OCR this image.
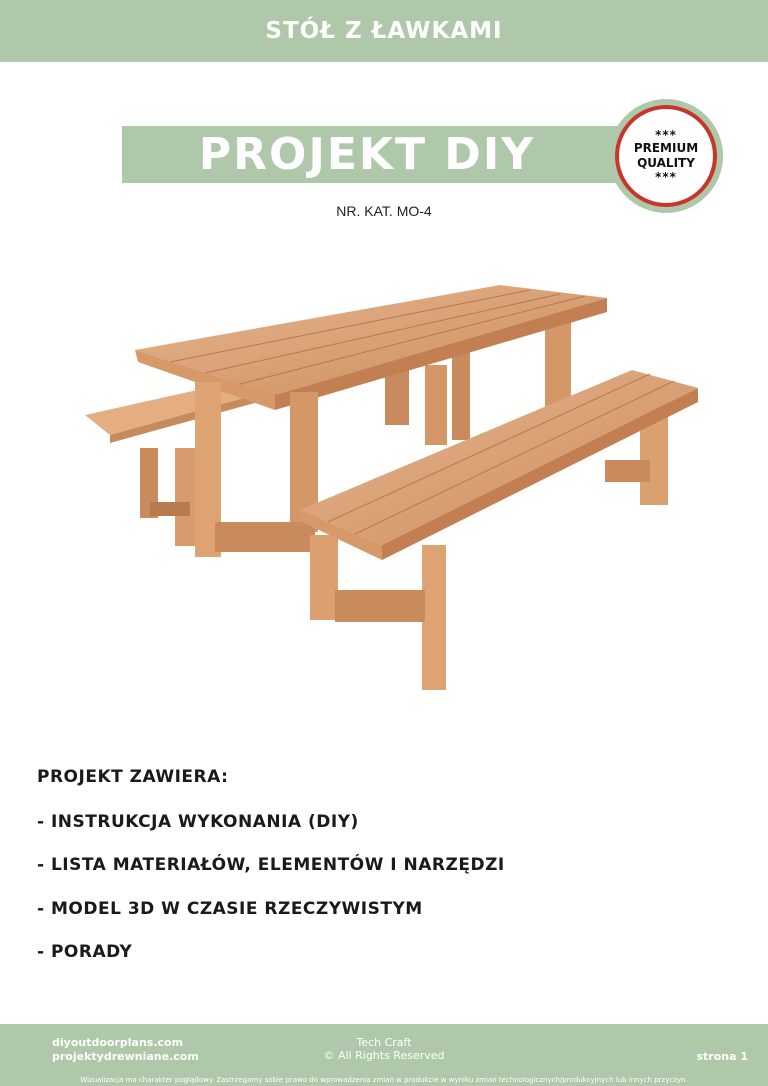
STÓŁ Z ŁAWKAMI
PROJEKT DIY	***
PREMIUM
QUALITY
***
NR. KAT. MO-4
PROJEKT ZAWIERA:
- INSTRUKCJA WYKONANIA (DIY)
- LISTA MATERIAŁÓW, ELEMENTÓW I NARZĘDZI
- MODEL 3D W CZASIE RZECZYWISTYM
- PORADY
diyoutdoorplans.com
projektydrewniane.com
Tech Craft
© All Rights Reserved	strona 1
Wizualizacja ma charakter poglądowy. Zastrzegamy sobie prawo do wprowadzenia zmian w produkcie w wyniku zmian technologicznych/produkcyjnych lub innych przyczyn.
